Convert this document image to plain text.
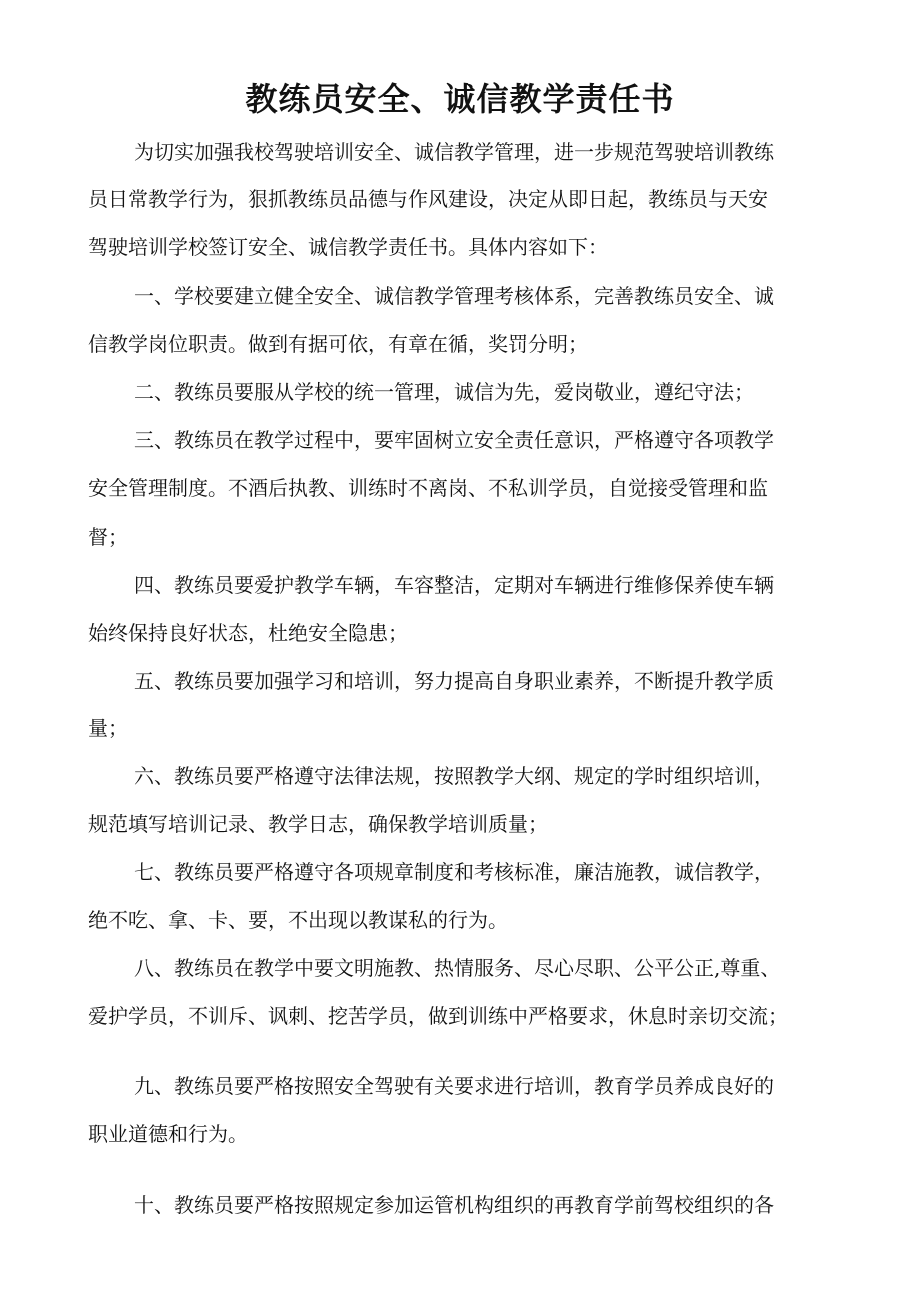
教练员安全、诚信教学责任书
为切实加强我校驾驶培训安全、诚信教学管理，进一步规范驾驶培训教练
员日常教学行为，狠抓教练员品德与作风建设，决定从即日起，教练员与天安
驾驶培训学校签订安全、诚信教学责任书。具体内容如下：
一、学校要建立健全安全、诚信教学管理考核体系，完善教练员安全、诚
信教学岗位职责。做到有据可依，有章在循，奖罚分明；
二、教练员要服从学校的统一管理，诚信为先，爱岗敬业，遵纪守法；
三、教练员在教学过程中，要牢固树立安全责任意识，严格遵守各项教学
安全管理制度。不酒后执教、训练时不离岗、不私训学员，自觉接受管理和监
督；
四、教练员要爱护教学车辆，车容整洁，定期对车辆进行维修保养使车辆
始终保持良好状态，杜绝安全隐患；
五、教练员要加强学习和培训，努力提高自身职业素养，不断提升教学质
量；
六、教练员要严格遵守法律法规，按照教学大纲、规定的学时组织培训，
规范填写培训记录、教学日志，确保教学培训质量；
七、教练员要严格遵守各项规章制度和考核标准，廉洁施教，诚信教学，
绝不吃、拿、卡、要，不出现以教谋私的行为。
八、教练员在教学中要文明施教、热情服务、尽心尽职、公平公正,尊重、
爱护学员，不训斥、讽刺、挖苦学员，做到训练中严格要求，休息时亲切交流；
九、教练员要严格按照安全驾驶有关要求进行培训，教育学员养成良好的
职业道德和行为。
十、教练员要严格按照规定参加运管机构组织的再教育学前驾校组织的各
